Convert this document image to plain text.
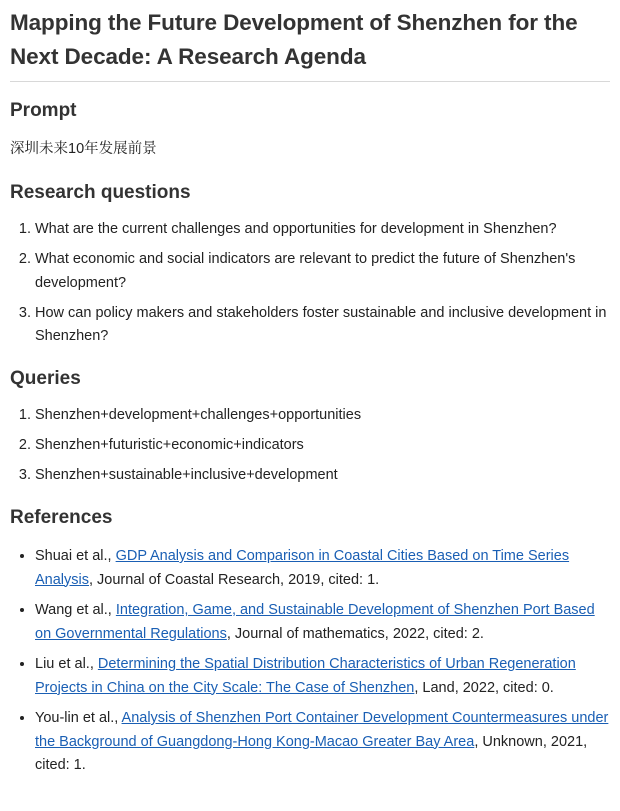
Mapping the Future Development of Shenzhen for the Next Decade: A Research Agenda
Prompt

深圳未来10年发展前景

Research questions
1. What are the current challenges and opportunities for development in Shenzhen?
2. What economic and social indicators are relevant to predict the future of Shenzhen's development?
3. How can policy makers and stakeholders foster sustainable and inclusive development in Shenzhen?
Queries
1. Shenzhen+development+challenges+opportunities
2. Shenzhen+futuristic+economic+indicators
3. Shenzhen+sustainable+inclusive+development
References
• Shuai et al., GDP Analysis and Comparison in Coastal Cities Based on Time Series Analysis, Journal of Coastal Research, 2019, cited: 1.
• Wang et al., Integration, Game, and Sustainable Development of Shenzhen Port Based on Governmental Regulations, Journal of mathematics, 2022, cited: 2.
• Liu et al., Determining the Spatial Distribution Characteristics of Urban Regeneration Projects in China on the City Scale: The Case of Shenzhen, Land, 2022, cited: 0.
• You-lin et al., Analysis of Shenzhen Port Container Development Countermeasures under the Background of Guangdong-Hong Kong-Macao Greater Bay Area, Unknown, 2021, cited: 1.
